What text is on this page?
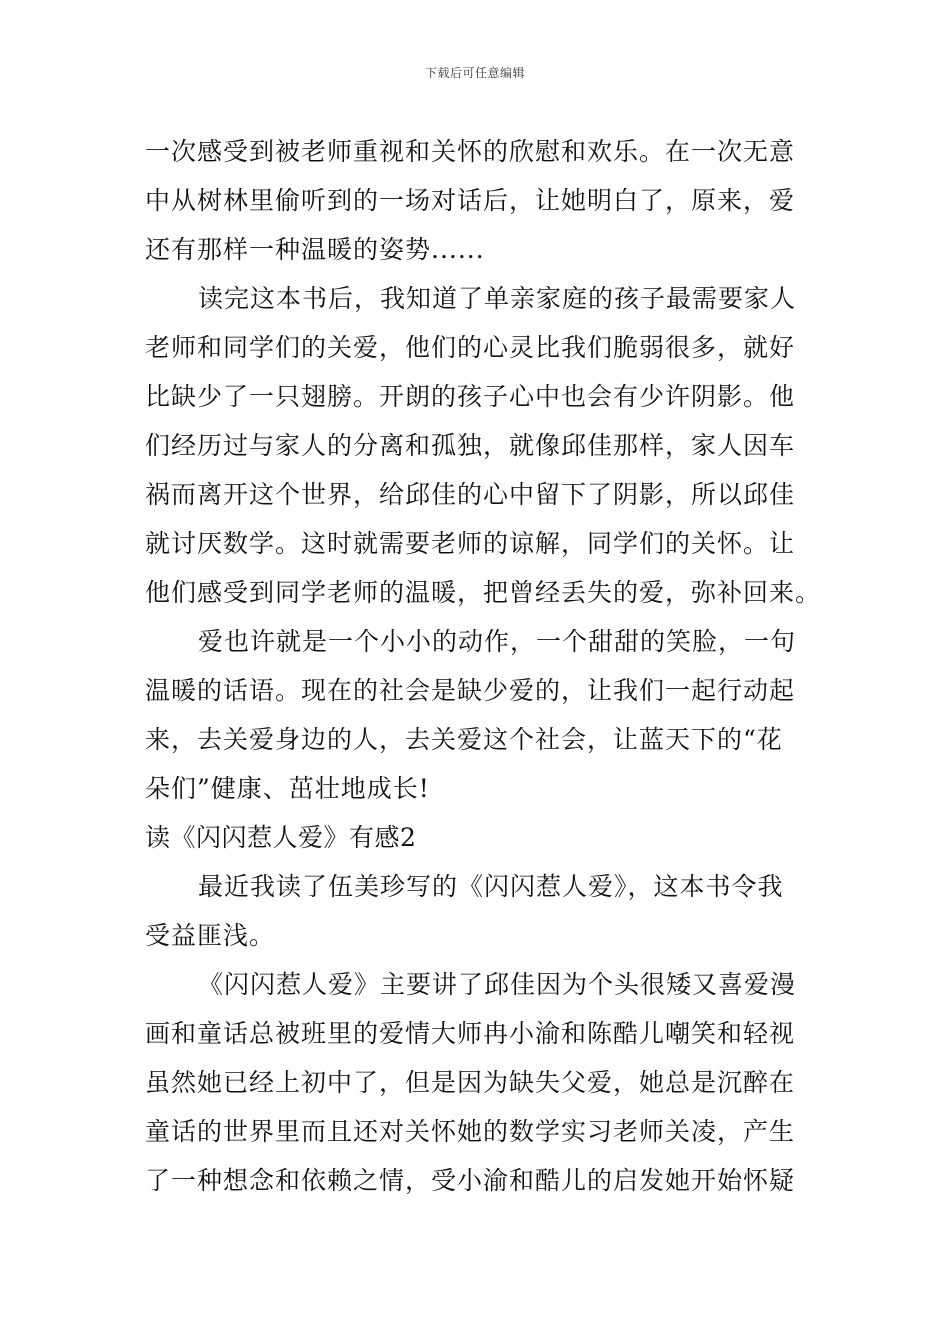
下载后可任意编辑
一次感受到被老师重视和关怀的欣慰和欢乐。在一次无意
中从树林里偷听到的一场对话后，让她明白了，原来，爱
还有那样一种温暖的姿势......
读完这本书后，我知道了单亲家庭的孩子最需要家人
老师和同学们的关爱，他们的心灵比我们脆弱很多，就好
比缺少了一只翅膀。开朗的孩子心中也会有少许阴影。他
们经历过与家人的分离和孤独，就像邱佳那样，家人因车
祸而离开这个世界，给邱佳的心中留下了阴影，所以邱佳
就讨厌数学。这时就需要老师的谅解，同学们的关怀。让
他们感受到同学老师的温暖，把曾经丢失的爱，弥补回来。
爱也许就是一个小小的动作，一个甜甜的笑脸，一句
温暖的话语。现在的社会是缺少爱的，让我们一起行动起
来，去关爱身边的人，去关爱这个社会，让蓝天下的“花
朵们”健康、茁壮地成长!
读《闪闪惹人爱》有感2
最近我读了伍美珍写的《闪闪惹人爱》，这本书令我
受益匪浅。
《闪闪惹人爱》主要讲了邱佳因为个头很矮又喜爱漫
画和童话总被班里的爱情大师冉小渝和陈酷儿嘲笑和轻视
虽然她已经上初中了，但是因为缺失父爱，她总是沉醉在
童话的世界里而且还对关怀她的数学实习老师关凌，产生
了一种想念和依赖之情，受小渝和酷儿的启发她开始怀疑
